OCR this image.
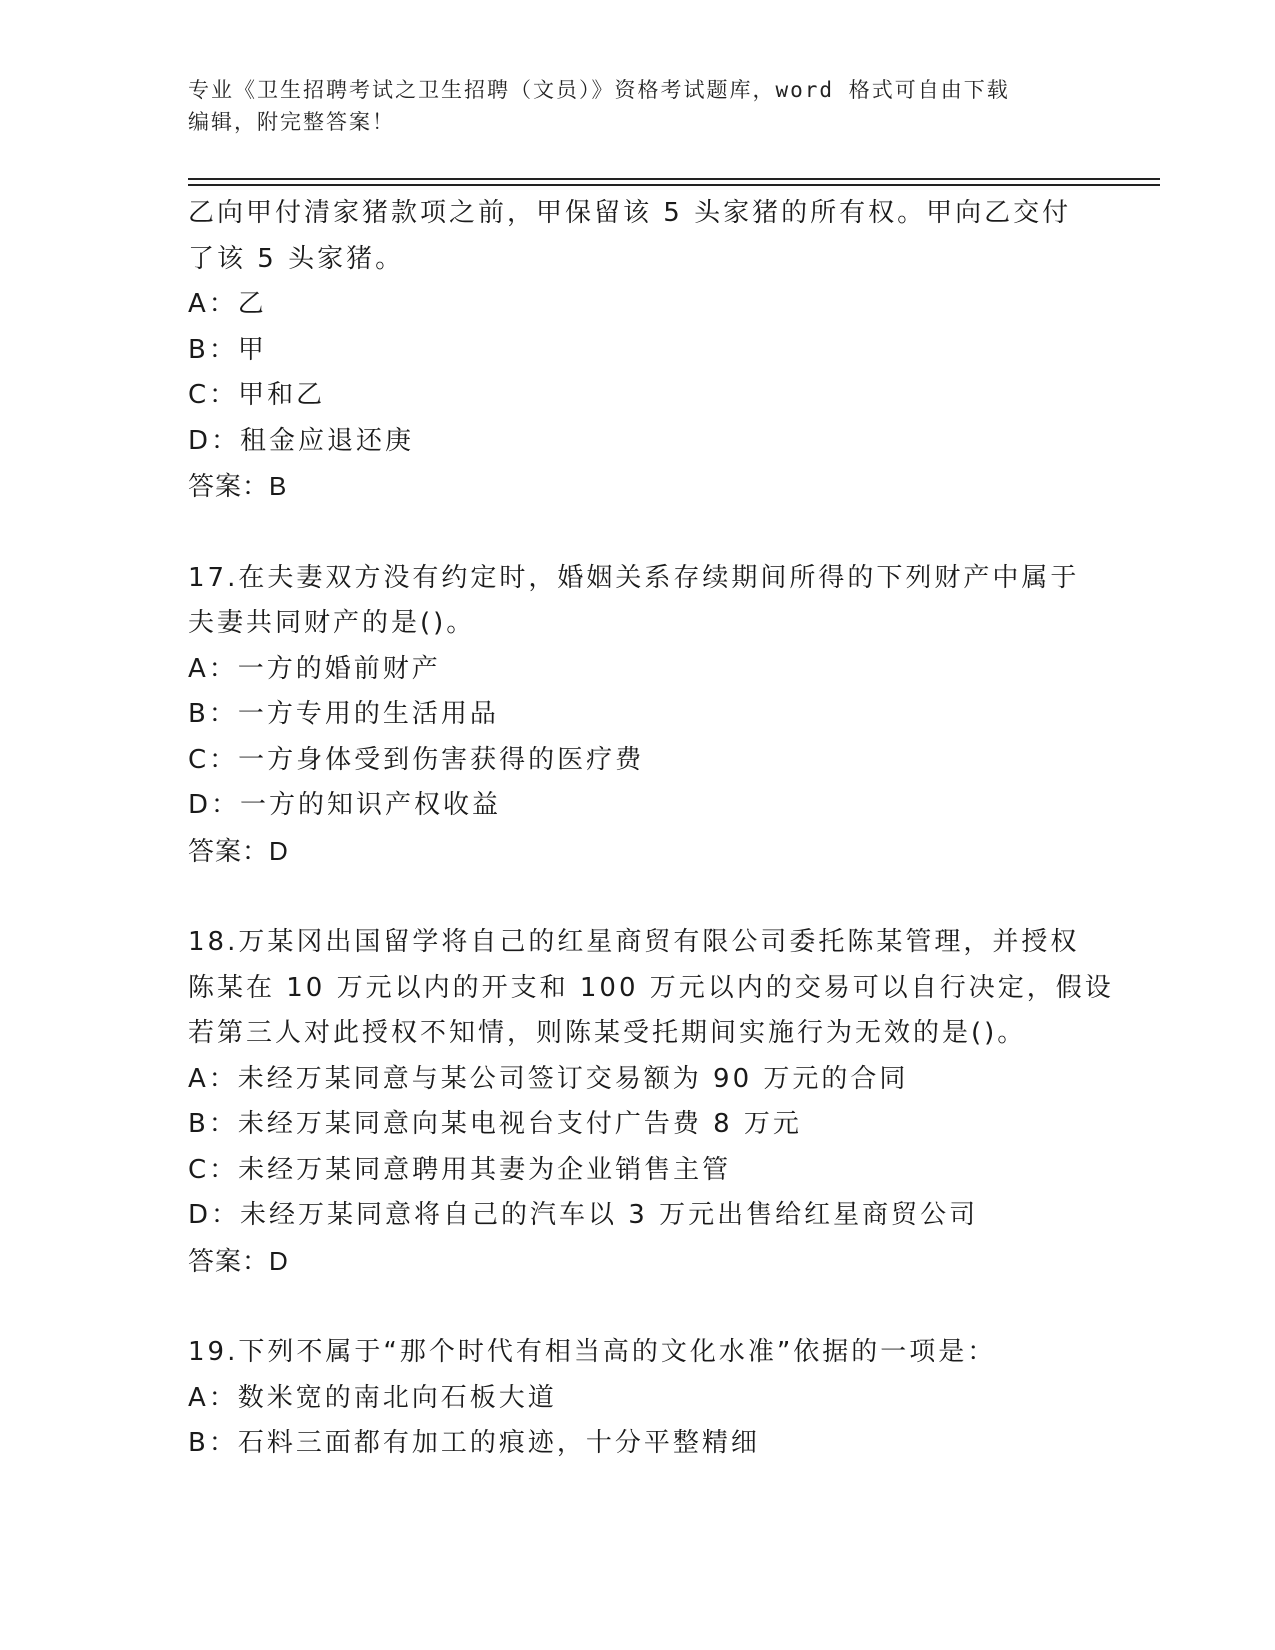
专业《卫生招聘考试之卫生招聘（文员）》资格考试题库，word 格式可自由下载
编辑，附完整答案！
乙向甲付清家猪款项之前，甲保留该 5 头家猪的所有权。甲向乙交付
了该 5 头家猪。
A：乙
B：甲
C：甲和乙
D：租金应退还庚
答案：B
17.在夫妻双方没有约定时，婚姻关系存续期间所得的下列财产中属于
夫妻共同财产的是()。
A：一方的婚前财产
B：一方专用的生活用品
C：一方身体受到伤害获得的医疗费
D：一方的知识产权收益
答案：D
18.万某冈出国留学将自己的红星商贸有限公司委托陈某管理，并授权
陈某在 10 万元以内的开支和 100 万元以内的交易可以自行决定，假设
若第三人对此授权不知情，则陈某受托期间实施行为无效的是()。
A：未经万某同意与某公司签订交易额为 90 万元的合同
B：未经万某同意向某电视台支付广告费 8 万元
C：未经万某同意聘用其妻为企业销售主管
D：未经万某同意将自己的汽车以 3 万元出售给红星商贸公司
答案：D
19.下列不属于“那个时代有相当高的文化水准”依据的一项是：
A：数米宽的南北向石板大道
B：石料三面都有加工的痕迹，十分平整精细
